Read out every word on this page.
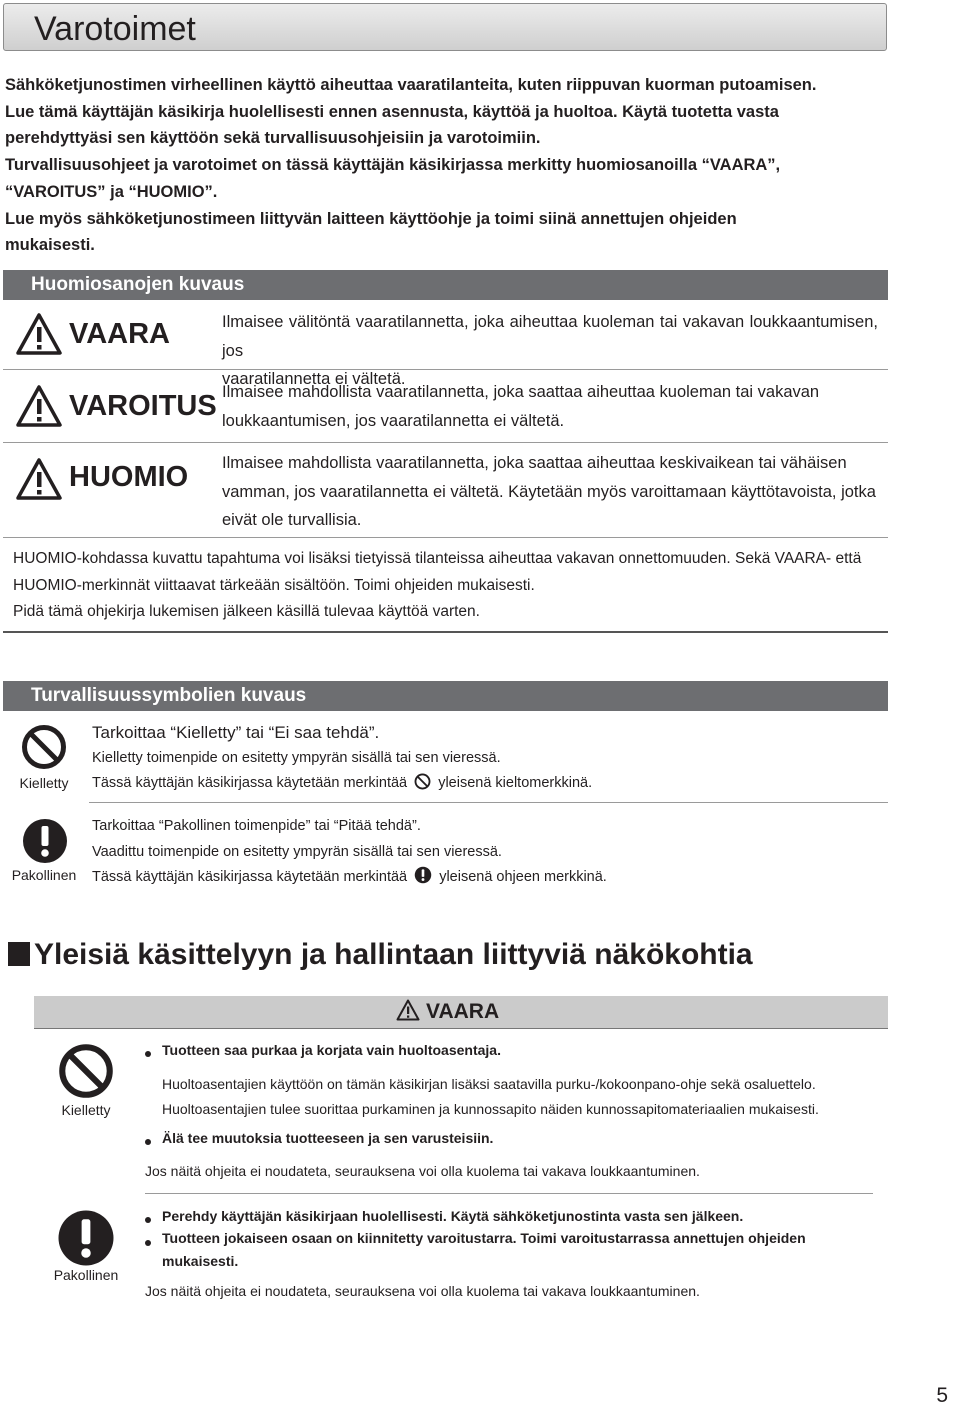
Varotoimet

Sähköketjunostimen virheellinen käyttö aiheuttaa vaaratilanteita, kuten riippuvan kuorman putoamisen.

Lue tämä käyttäjän käsikirja huolellisesti ennen asennusta, käyttöä ja huoltoa. Käytä tuotetta vasta

perehdyttyäsi sen käyttöön sekä turvallisuusohjeisiin ja varotoimiin.

Turvallisuusohjeet ja varotoimet on tässä käyttäjän käsikirjassa merkitty huomiosanoilla “VAARA”,

“VAROITUS” ja “HUOMIO”.

Lue myös sähköketjunostimeen liittyvän laitteen käyttöohje ja toimi siinä annettujen ohjeiden

mukaisesti.

Huomiosanojen kuvaus
VAARA	Ilmaisee välitöntä vaaratilannetta, joka aiheuttaa kuoleman tai vakavan loukkaantumisen, jos
vaaratilannetta ei vältetä.
VAROITUS Ilmaisee mahdollista vaaratilannetta, joka saattaa aiheuttaa kuoleman tai vakavan
loukkaantumisen, jos vaaratilannetta ei vältetä.
HUOMIO Ilmaisee mahdollista vaaratilannetta, joka saattaa aiheuttaa keskivaikean tai vähäisen
vamman, jos vaaratilannetta ei vältetä. Käytetään myös varoittamaan käyttötavoista, jotka
eivät ole turvallisia.

HUOMIO-kohdassa kuvattu tapahtuma voi lisäksi tietyissä tilanteissa aiheuttaa vakavan onnettomuuden. Sekä VAARA- että

HUOMIO-merkinnät viittaavat tärkeään sisältöön. Toimi ohjeiden mukaisesti.

Pidä tämä ohjekirja lukemisen jälkeen käsillä tulevaa käyttöä varten.

Turvallisuussymbolien kuvaus
Kielletty

Tarkoittaa “Kielletty” tai “Ei saa tehdä”.

Kielletty toimenpide on esitetty ympyrän sisällä tai sen vieressä.

Tässä käyttäjän käsikirjassa käytetään merkintää yleisenä kieltomerkkinä.

Pakollinen

Tarkoittaa “Pakollinen toimenpide” tai “Pitää tehdä”.

Vaadittu toimenpide on esitetty ympyrän sisällä tai sen vieressä.

Tässä käyttäjän käsikirjassa käytetään merkintää yleisenä ohjeen merkkinä.

Yleisiä käsittelyyn ja hallintaan liittyviä näkökohtia
VAARA
Kielletty
Tuotteen saa purkaa ja korjata vain huoltoasentaja.
Huoltoasentajien käyttöön on tämän käsikirjan lisäksi saatavilla purku-/kokoonpano-ohje sekä osaluettelo.
Huoltoasentajien tulee suorittaa purkaminen ja kunnossapito näiden kunnossapitomateriaalien mukaisesti.
Älä tee muutoksia tuotteeseen ja sen varusteisiin.
Jos näitä ohjeita ei noudateta, seurauksena voi olla kuolema tai vakava loukkaantuminen.
Pakollinen
Perehdy käyttäjän käsikirjaan huolellisesti. Käytä sähköketjunostinta vasta sen jälkeen.
Tuotteen jokaiseen osaan on kiinnitetty varoitustarra. Toimi varoitustarrassa annettujen ohjeiden
mukaisesti.
Jos näitä ohjeita ei noudateta, seurauksena voi olla kuolema tai vakava loukkaantuminen.
5
